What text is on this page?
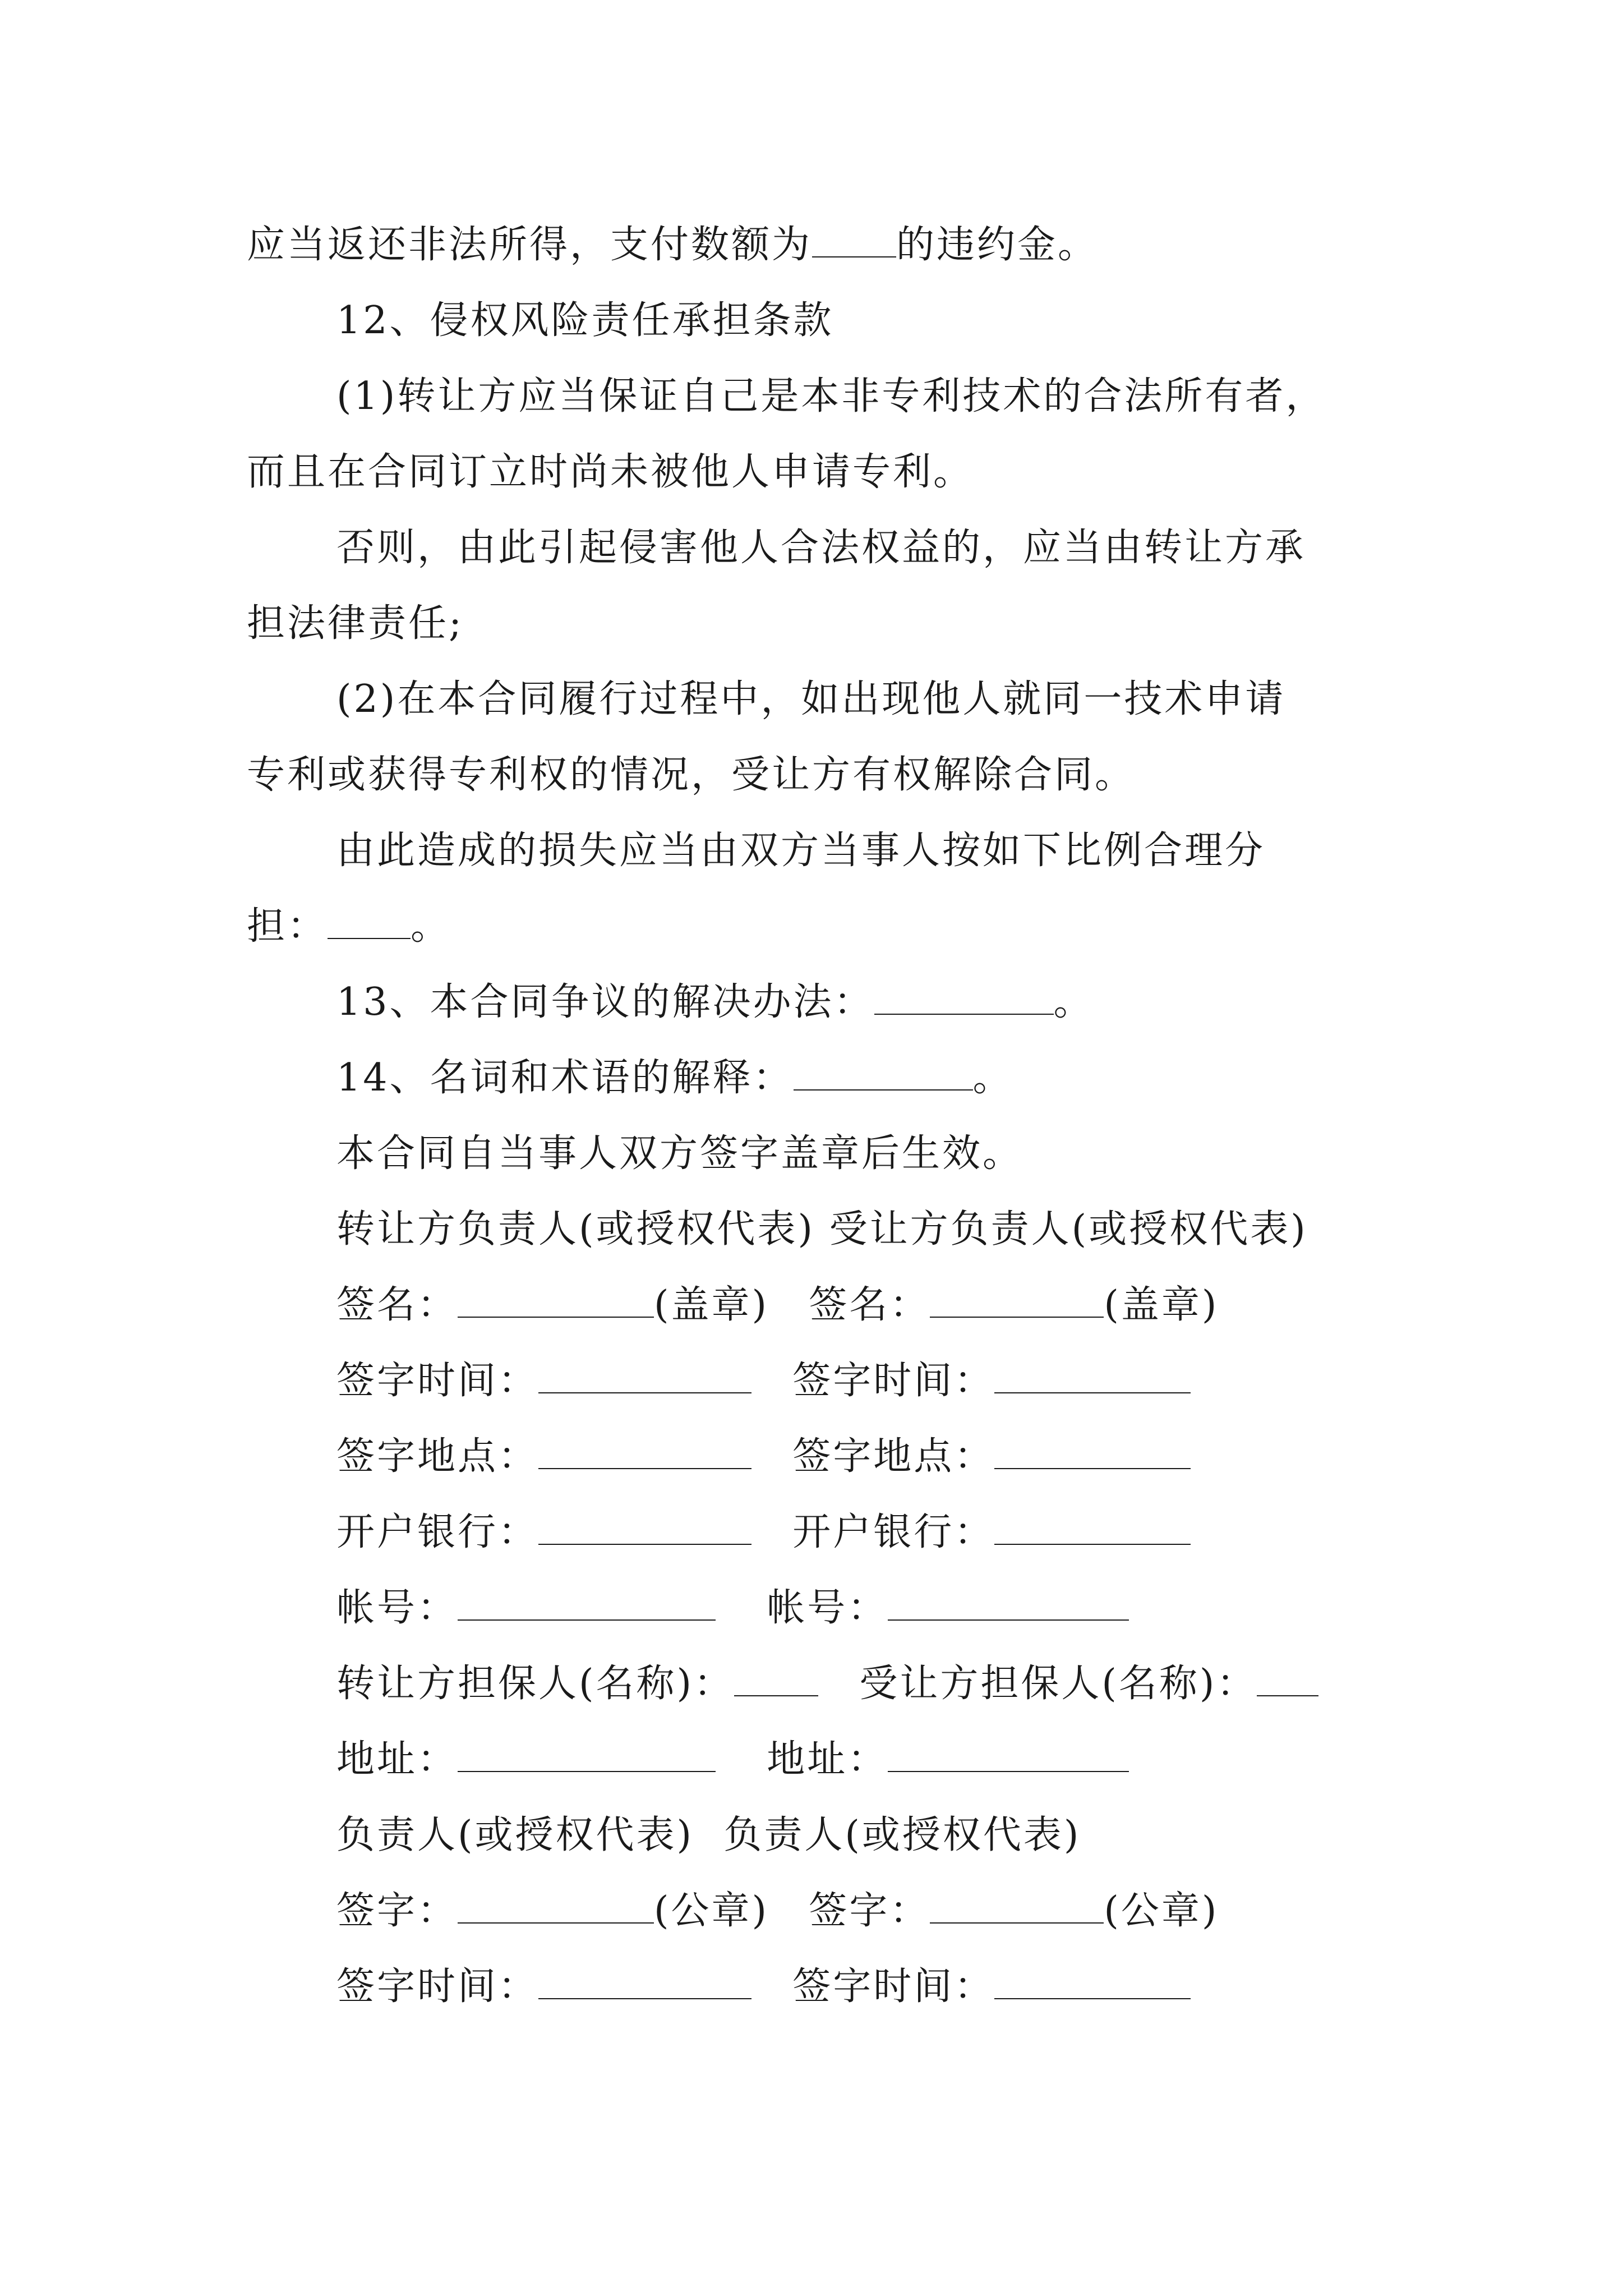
应当返还非法所得，支付数额为 的违约金。
12、侵权风险责任承担条款
(1)转让方应当保证自己是本非专利技术的合法所有者，
而且在合同订立时尚未被他人申请专利。
否则，由此引起侵害他人合法权益的，应当由转让方承
担法律责任;
(2)在本合同履行过程中，如出现他人就同一技术申请
专利或获得专利权的情况，受让方有权解除合同。
由此造成的损失应当由双方当事人按如下比例合理分
担： 。
13、本合同争议的解决办法：	。
14、名词和术语的解释：	。
本合同自当事人双方签字盖章后生效。
转让方负责人(或授权代表) 受让方负责人(或授权代表)
签名：	(盖章) 签名：	(盖章)
签字时间：	签字时间：
签字地点：	签字地点：
开户银行：	开户银行：
帐号：	帐号：
转让方担保人(名称)：	受让方担保人(名称)：
地址：	地址：
负责人(或授权代表) 负责人(或授权代表)
签字：	(公章) 签字：	(公章)
签字时间：	签字时间：
